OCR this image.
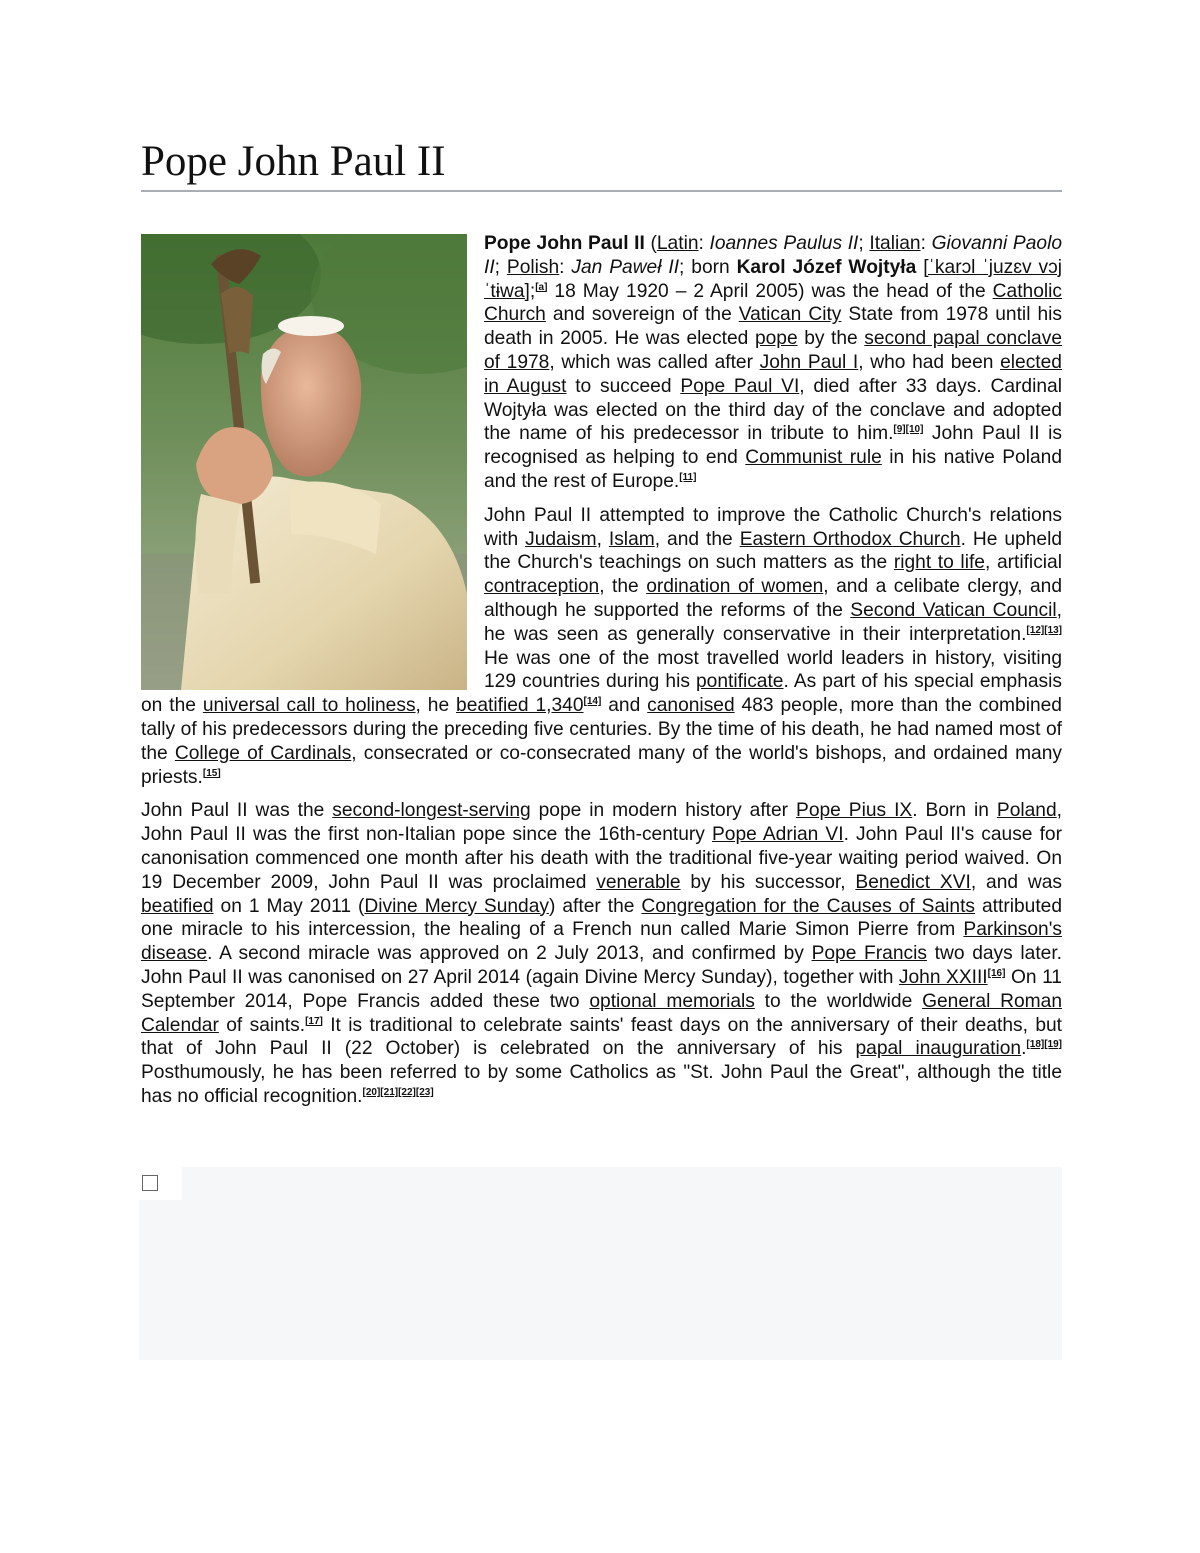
Pope John Paul II

Pope John Paul II (Latin: Ioannes Paulus II; Italian: Giovanni Paolo II; Polish: Jan Paweł II; born Karol Józef Wojtyła [ˈkarɔl ˈjuzɛv vɔjˈtɨwa];[a] 18 May 1920 – 2 April 2005) was the head of the Catholic Church and sovereign of the Vatican City State from 1978 until his death in 2005. He was elected pope by the second papal conclave of 1978, which was called after John Paul I, who had been elected in August to succeed Pope Paul VI, died after 33 days. Cardinal Wojtyła was elected on the third day of the conclave and adopted the name of his predecessor in tribute to him.[9][10] John Paul II is recognised as helping to end Communist rule in his native Poland and the rest of Europe.[11]

John Paul II attempted to improve the Catholic Church's relations with Judaism, Islam, and the Eastern Orthodox Church. He upheld the Church's teachings on such matters as the right to life, artificial contraception, the ordination of women, and a celibate clergy, and although he supported the reforms of the Second Vatican Council, he was seen as generally conservative in their interpretation.[12][13] He was one of the most travelled world leaders in history, visiting 129 countries during his pontificate. As part of his special emphasis on the universal call to holiness, he beatified 1,340[14] and canonised 483 people, more than the combined tally of his predecessors during the preceding five centuries. By the time of his death, he had named most of the College of Cardinals, consecrated or co-consecrated many of the world's bishops, and ordained many priests.[15]

John Paul II was the second-longest-serving pope in modern history after Pope Pius IX. Born in Poland, John Paul II was the first non-Italian pope since the 16th-century Pope Adrian VI. John Paul II's cause for canonisation commenced one month after his death with the traditional five-year waiting period waived. On 19 December 2009, John Paul II was proclaimed venerable by his successor, Benedict XVI, and was beatified on 1 May 2011 (Divine Mercy Sunday) after the Congregation for the Causes of Saints attributed one miracle to his intercession, the healing of a French nun called Marie Simon Pierre from Parkinson's disease. A second miracle was approved on 2 July 2013, and confirmed by Pope Francis two days later. John Paul II was canonised on 27 April 2014 (again Divine Mercy Sunday), together with John XXIII[16] On 11 September 2014, Pope Francis added these two optional memorials to the worldwide General Roman Calendar of saints.[17] It is traditional to celebrate saints' feast days on the anniversary of their deaths, but that of John Paul II (22 October) is celebrated on the anniversary of his papal inauguration.[18][19] Posthumously, he has been referred to by some Catholics as "St. John Paul the Great", although the title has no official recognition.[20][21][22][23]
